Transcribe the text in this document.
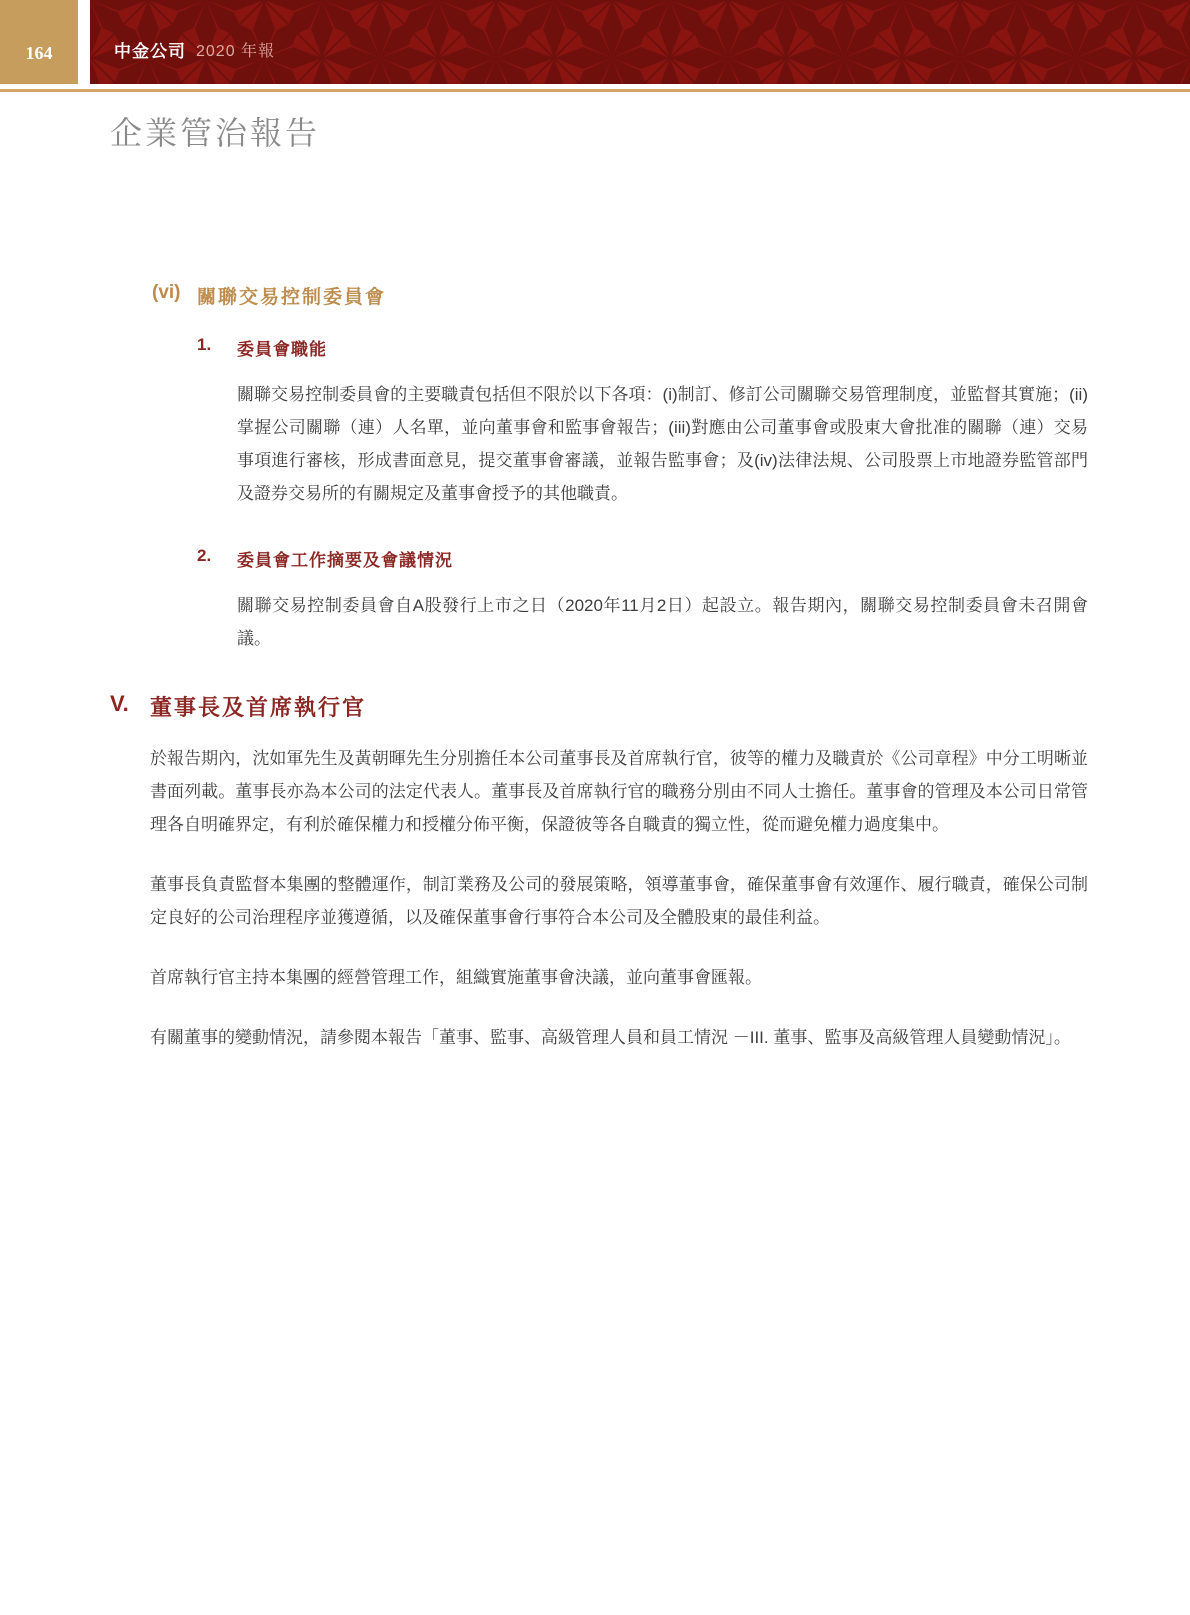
164	中金公司 2020 年報
企業管治報告
(vi) 關聯交易控制委員會
1.	委員會職能

關聯交易控制委員會的主要職責包括但不限於以下各項：(i)制訂、修訂公司關聯交易管理制度，並監督其實施；(ii)掌握公司關聯（連）人名單，並向董事會和監事會報告；(iii)對應由公司董事會或股東大會批准的關聯（連）交易事項進行審核，形成書面意見，提交董事會審議，並報告監事會；及(iv)法律法規、公司股票上市地證券監管部門及證券交易所的有關規定及董事會授予的其他職責。

2.	委員會工作摘要及會議情況

關聯交易控制委員會自A股發行上市之日（2020年11月2日）起設立。報告期內，關聯交易控制委員會未召開會議。

V. 董事長及首席執行官

於報告期內，沈如軍先生及黃朝暉先生分別擔任本公司董事長及首席執行官，彼等的權力及職責於《公司章程》中分工明晰並書面列載。董事長亦為本公司的法定代表人。董事長及首席執行官的職務分別由不同人士擔任。董事會的管理及本公司日常管理各自明確界定，有利於確保權力和授權分佈平衡，保證彼等各自職責的獨立性，從而避免權力過度集中。

董事長負責監督本集團的整體運作，制訂業務及公司的發展策略，領導董事會，確保董事會有效運作、履行職責，確保公司制定良好的公司治理程序並獲遵循，以及確保董事會行事符合本公司及全體股東的最佳利益。

首席執行官主持本集團的經營管理工作，組織實施董事會決議，並向董事會匯報。

有關董事的變動情況，請參閱本報告「董事、監事、高級管理人員和員工情況 －III. 董事、監事及高級管理人員變動情況」。
